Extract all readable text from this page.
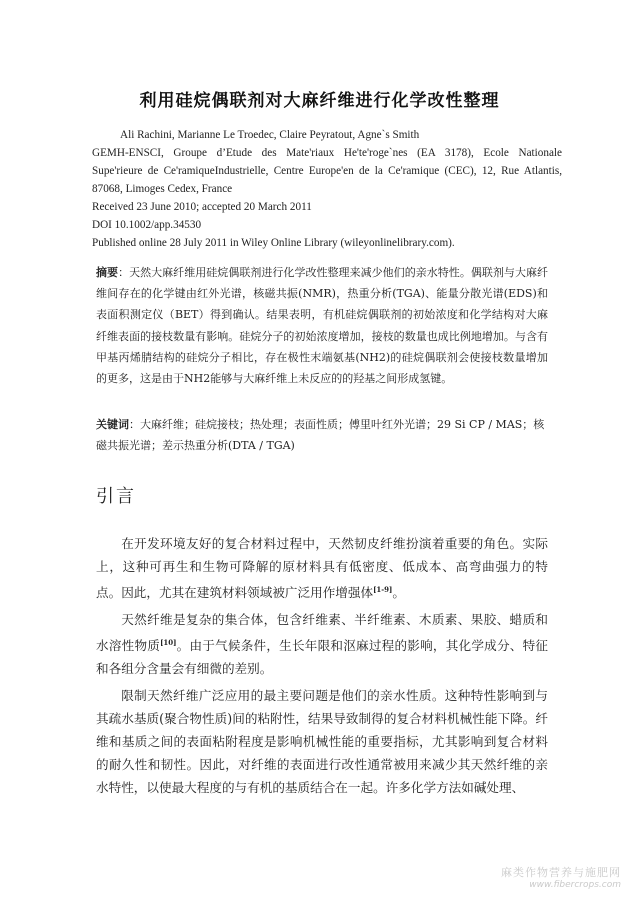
利用硅烷偶联剂对大麻纤维进行化学改性整理
Ali Rachini, Marianne Le Troedec, Claire Peyratout, Agne`s Smith
GEMH-ENSCI, Groupe d’Etude des Mate'riaux He'te'roge`nes (EA 3178), Ecole Nationale
Supe'rieure de Ce'ramiqueIndustrielle, Centre Europe'en de la Ce'ramique (CEC), 12, Rue Atlantis,
87068, Limoges Cedex, France
Received 23 June 2010; accepted 20 March 2011
DOI 10.1002/app.34530
Published online 28 July 2011 in Wiley Online Library (wileyonlinelibrary.com).
摘要：天然大麻纤维用硅烷偶联剂进行化学改性整理来减少他们的亲水特性。偶联剂与大麻纤维间存在的化学键由红外光谱，核磁共振(NMR)，热重分析(TGA)、能量分散光谱(EDS)和表面积测定仪（BET）得到确认。结果表明，有机硅烷偶联剂的初始浓度和化学结构对大麻纤维表面的接枝数量有影响。硅烷分子的初始浓度增加，接枝的数量也成比例地增加。与含有甲基丙烯腈结构的硅烷分子相比，存在极性末端氨基(NH2)的硅烷偶联剂会使接枝数量增加的更多，这是由于NH2能够与大麻纤维上未反应的的羟基之间形成氢键。
关键词：大麻纤维；硅烷接枝；热处理；表面性质；傅里叶红外光谱；29 Si CP / MAS；核磁共振光谱；差示热重分析(DTA / TGA)
引言

在开发环境友好的复合材料过程中，天然韧皮纤维扮演着重要的角色。实际上，这种可再生和生物可降解的原材料具有低密度、低成本、高弯曲强力的特点。因此，尤其在建筑材料领域被广泛用作增强体[1-9]。

天然纤维是复杂的集合体，包含纤维素、半纤维素、木质素、果胶、蜡质和水溶性物质[10]。由于气候条件，生长年限和沤麻过程的影响，其化学成分、特征和各组分含量会有细微的差别。

限制天然纤维广泛应用的最主要问题是他们的亲水性质。这种特性影响到与其疏水基质(聚合物性质)间的粘附性，结果导致制得的复合材料机械性能下降。纤维和基质之间的表面粘附程度是影响机械性能的重要指标，尤其影响到复合材料的耐久性和韧性。因此，对纤维的表面进行改性通常被用来减少其天然纤维的亲水特性，以使最大程度的与有机的基质结合在一起。许多化学方法如碱处理、

麻类作物营养与施肥网
www.fibercrops.com
